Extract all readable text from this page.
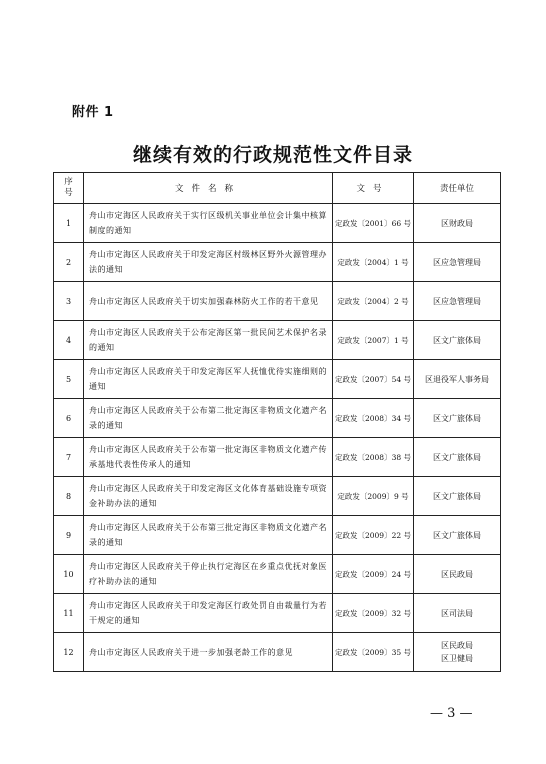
附件 1
继续有效的行政规范性文件目录
序
号	文件名称	文号	责任单位
1	舟山市定海区人民政府关于实行区级机关事业单位会计集中核算制度的通知	定政发〔2001〕66 号	区财政局

2	舟山市定海区人民政府关于印发定海区村级林区野外火源管理办法的通知	定政发〔2004〕1 号	区应急管理局

3	舟山市定海区人民政府关于切实加强森林防火工作的若干意见	定政发〔2004〕2 号	区应急管理局

4	舟山市定海区人民政府关于公布定海区第一批民间艺术保护名录的通知	定政发〔2007〕1 号	区文广旅体局

5	舟山市定海区人民政府关于印发定海区军人抚恤优待实施细则的通知	定政发〔2007〕54 号	区退役军人事务局

6	舟山市定海区人民政府关于公布第二批定海区非物质文化遗产名录的通知	定政发〔2008〕34 号	区文广旅体局

7	舟山市定海区人民政府关于公布第一批定海区非物质文化遗产传承基地代表性传承人的通知	定政发〔2008〕38 号	区文广旅体局

8	舟山市定海区人民政府关于印发定海区文化体育基础设施专项资金补助办法的通知	定政发〔2009〕9 号	区文广旅体局

9	舟山市定海区人民政府关于公布第三批定海区非物质文化遗产名录的通知	定政发〔2009〕22 号	区文广旅体局

10	舟山市定海区人民政府关于停止执行定海区在乡重点优抚对象医疗补助办法的通知	定政发〔2009〕24 号	区民政局

11	舟山市定海区人民政府关于印发定海区行政处罚自由裁量行为若干规定的通知	定政发〔2009〕32 号	区司法局

12	舟山市定海区人民政府关于进一步加强老龄工作的意见	定政发〔2009〕35 号	区民政局
区卫健局
— 3 —
